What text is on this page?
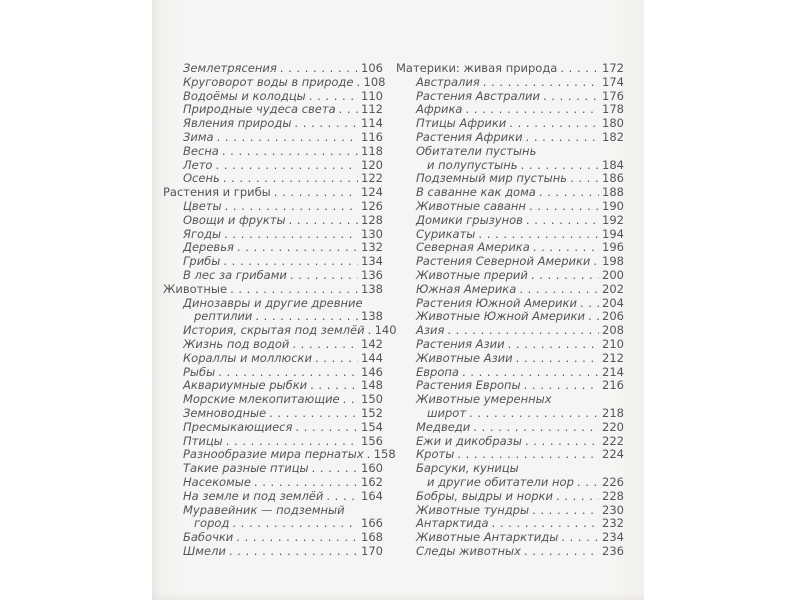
Землетрясения . . .	106
Круговорот воды в природе . . . 108
Водоёмы и колодцы . . .	110
Природные чудеса света . . . 112
Явления природы . . .	114
Зима . . .	116
Весна . . .	118
Лето . . .	120
Осень . . .	122
Растения и грибы . . .	124
Цветы . . .	126
Овощи и фрукты . . .	128
Ягоды . . .	130
Деревья . . .	132
Грибы . . .	134
В лес за грибами . . .	136
Животные . . .	138
Динозавры и другие древние
рептилии . . .	138
История, скрытая под землёй . . . 140
Жизнь под водой . . .	142
Кораллы и моллюски . . .	144
Рыбы . . .	146
Аквариумные рыбки . . .	148
Морские млекопитающие . . . 150
Земноводные . . .	152
Пресмыкающиеся . . .	154
Птицы . . .	156
Разнообразие мира пернатых . . . 158
Такие разные птицы . . .	160
Насекомые . . .	162
На земле и под землёй . . .	164
Муравейник — подземный
город . . .	166
Бабочки . . .	168
Шмели . . .	170
Материки: живая природа . . .	172
Австралия . . .	174
Растения Австралии . . .	176
Африка . . .	178
Птицы Африки . . .	180
Растения Африки . . .	182
Обитатели пустынь
и полупустынь . . .	184
Подземный мир пустынь . . .	186
В саванне как дома . . .	188
Животные саванн . . .	190
Домики грызунов . . .	192
Сурикаты . . .	194
Северная Америка . . .	196
Растения Северной Америки . . . 198
Животные прерий . . .	200
Южная Америка . . .	202
Растения Южной Америки . . . 204
Животные Южной Америки . . . 206
Азия . . .	208
Растения Азии . . .	210
Животные Азии . . .	212
Европа . . .	214
Растения Европы . . .	216
Животные умеренных
широт . . .	218
Медведи . . .	220
Ежи и дикобразы . . .	222
Кроты . . .	224
Барсуки, куницы
и другие обитатели нор . . . 226
Бобры, выдры и норки . . .	228
Животные тундры . . .	230
Антарктида . . .	232
Животные Антарктиды . . .	234
Следы животных . . .	236
